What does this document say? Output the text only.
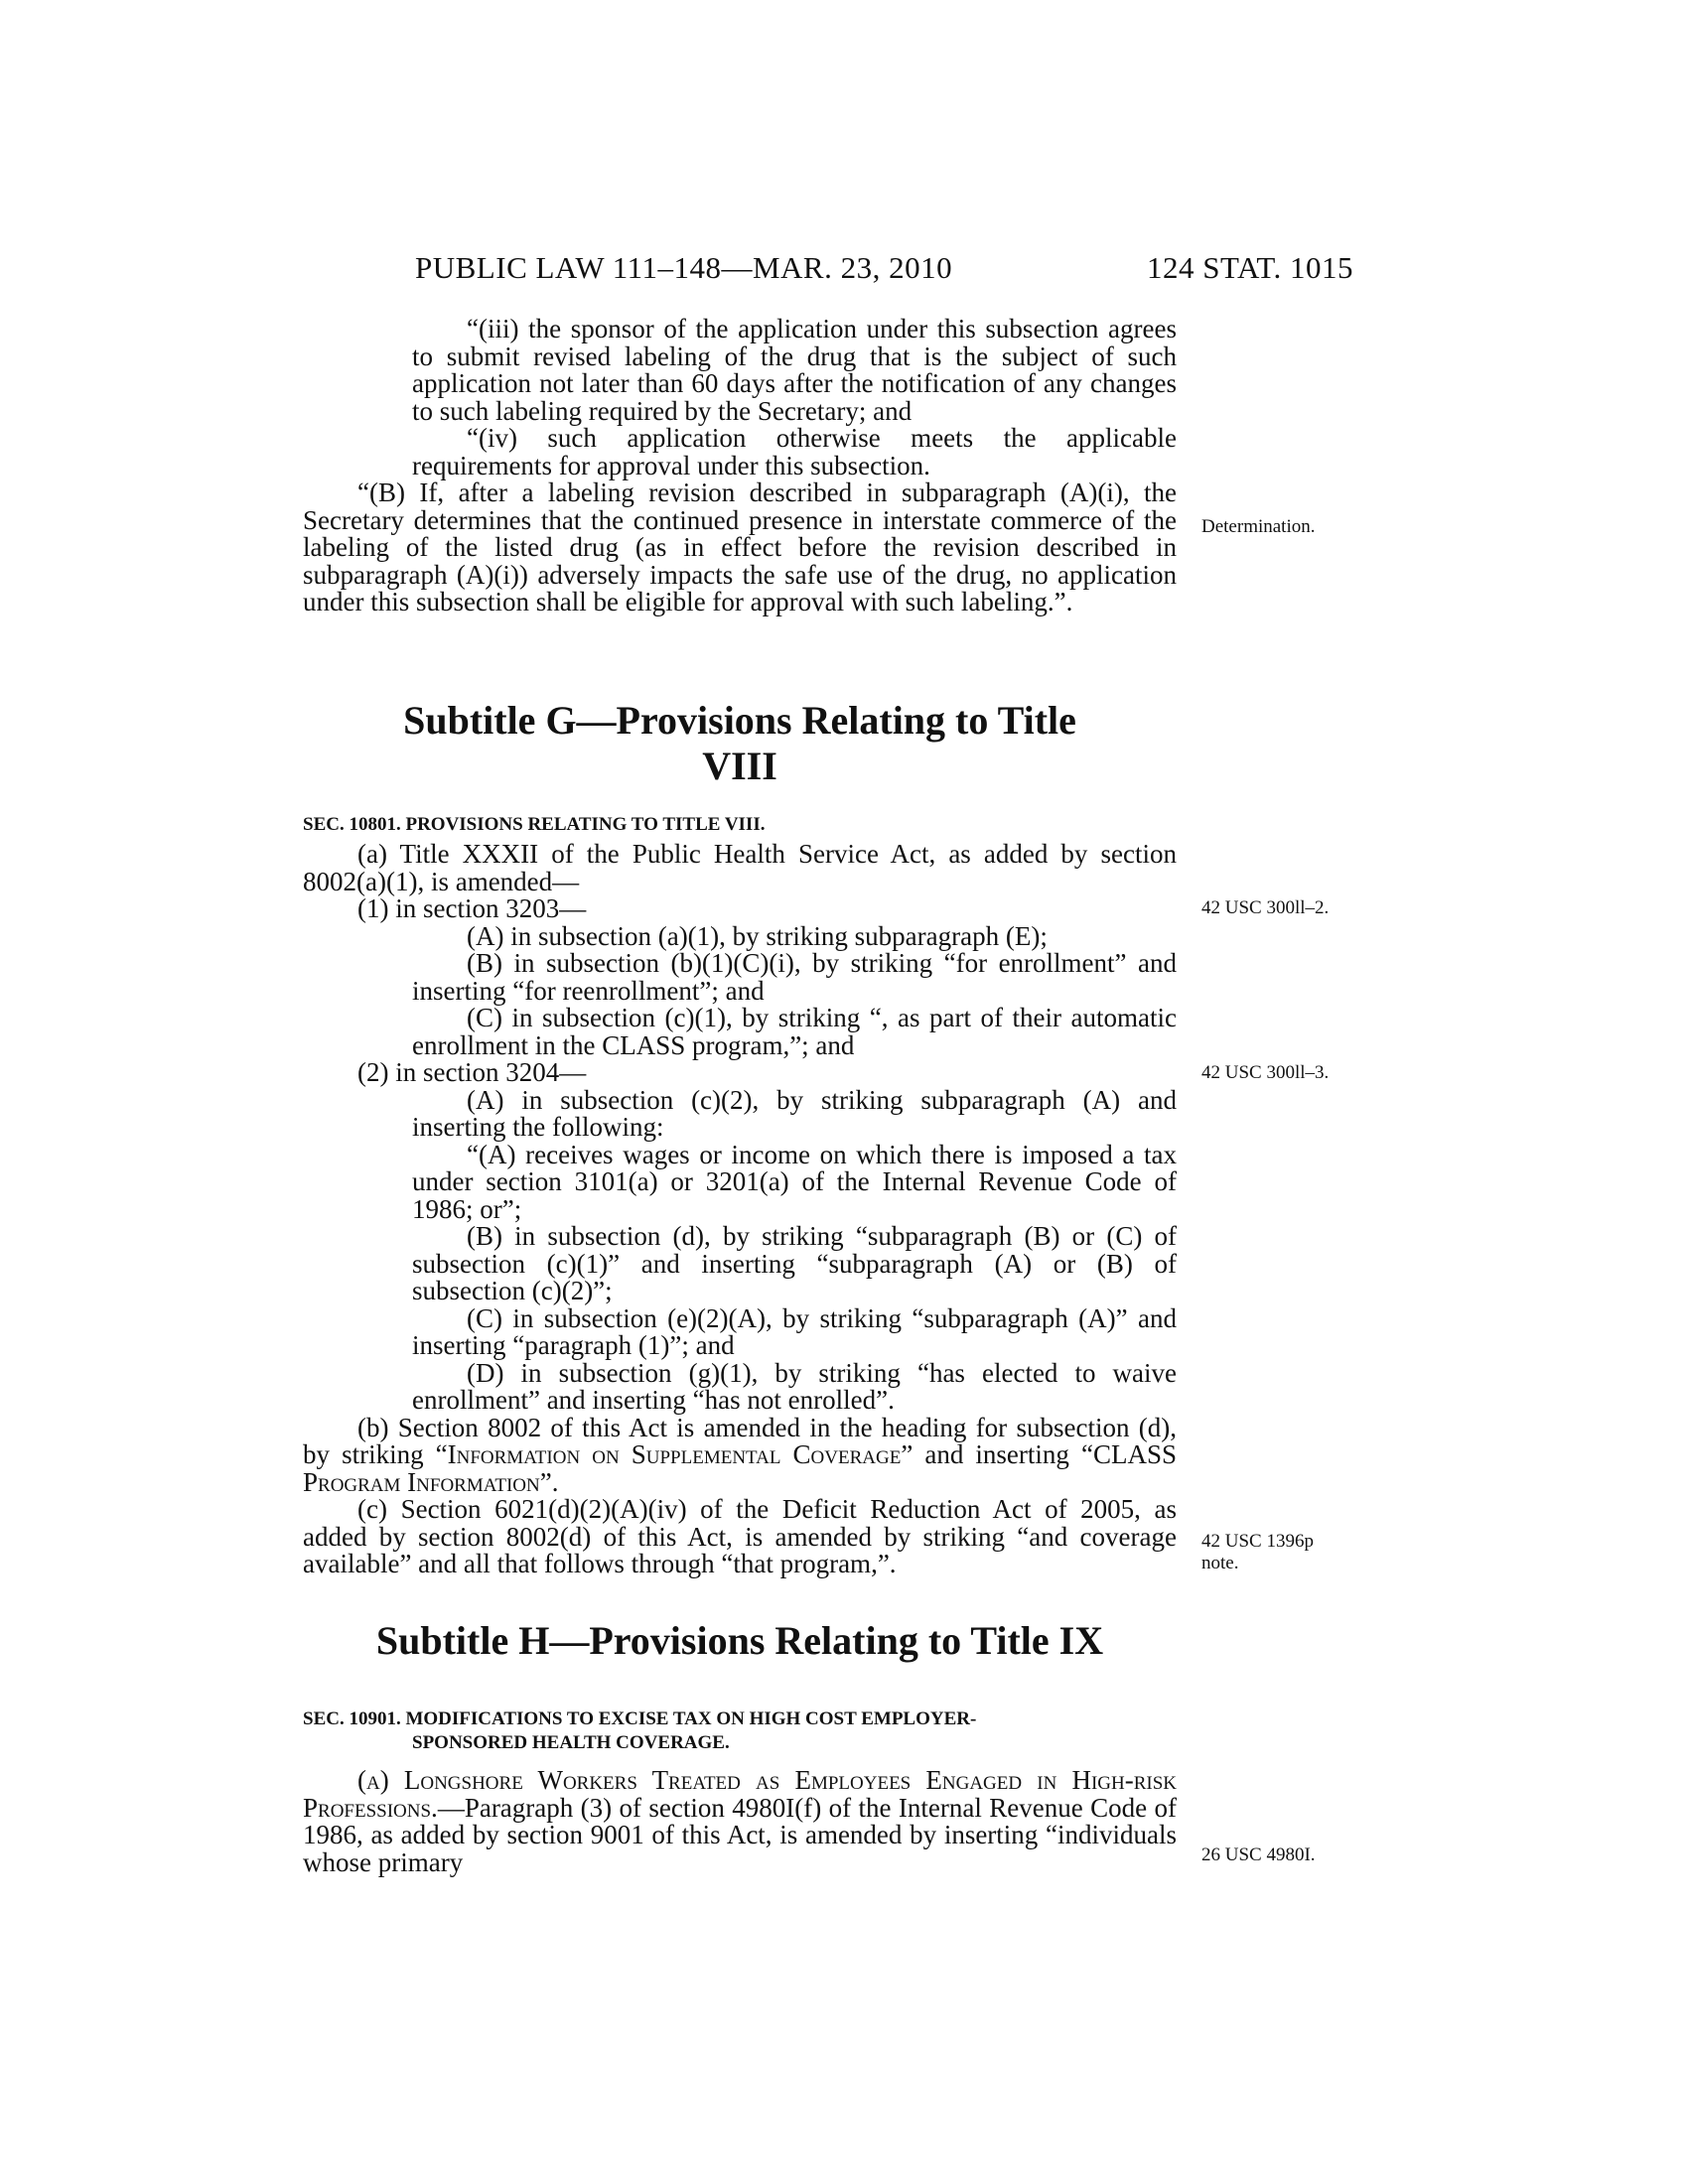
PUBLIC LAW 111–148—MAR. 23, 2010	124 STAT. 1015

“(iii) the sponsor of the application under this subsection agrees to submit revised labeling of the drug that is the subject of such application not later than 60 days after the notification of any changes to such labeling required by the Secretary; and

“(iv) such application otherwise meets the applicable requirements for approval under this subsection.

“(B) If, after a labeling revision described in subparagraph (A)(i), the Secretary determines that the continued presence in interstate commerce of the labeling of the listed drug (as in effect before the revision described in subparagraph (A)(i)) adversely impacts the safe use of the drug, no application under this subsection shall be eligible for approval with such labeling.”.

Subtitle G—Provisions Relating to Title
VIII
SEC. 10801. PROVISIONS RELATING TO TITLE VIII.

(a) Title XXXII of the Public Health Service Act, as added by section 8002(a)(1), is amended—

(1) in section 3203—

(A) in subsection (a)(1), by striking subparagraph (E);

(B) in subsection (b)(1)(C)(i), by striking “for enrollment” and inserting “for reenrollment”; and

(C) in subsection (c)(1), by striking “, as part of their automatic enrollment in the CLASS program,”; and

(2) in section 3204—

(A) in subsection (c)(2), by striking subparagraph (A) and inserting the following:

“(A) receives wages or income on which there is imposed a tax under section 3101(a) or 3201(a) of the Internal Revenue Code of 1986; or”;

(B) in subsection (d), by striking “subparagraph (B) or (C) of subsection (c)(1)” and inserting “subparagraph (A) or (B) of subsection (c)(2)”;

(C) in subsection (e)(2)(A), by striking “subparagraph (A)” and inserting “paragraph (1)”; and

(D) in subsection (g)(1), by striking “has elected to waive enrollment” and inserting “has not enrolled”.

(b) Section 8002 of this Act is amended in the heading for subsection (d), by striking “Information on Supplemental Coverage” and inserting “CLASS Program Information”.

(c) Section 6021(d)(2)(A)(iv) of the Deficit Reduction Act of 2005, as added by section 8002(d) of this Act, is amended by striking “and coverage available” and all that follows through “that program,”.

Subtitle H—Provisions Relating to Title IX
SEC. 10901. MODIFICATIONS TO EXCISE TAX ON HIGH COST EMPLOYER-
SPONSORED HEALTH COVERAGE.

(a) Longshore Workers Treated as Employees Engaged in High-risk Professions.—Paragraph (3) of section 4980I(f) of the Internal Revenue Code of 1986, as added by section 9001 of this Act, is amended by inserting “individuals whose primary

Determination.
42 USC 300ll–2.
42 USC 300ll–3.
42 USC 1396p
note.
26 USC 4980I.
